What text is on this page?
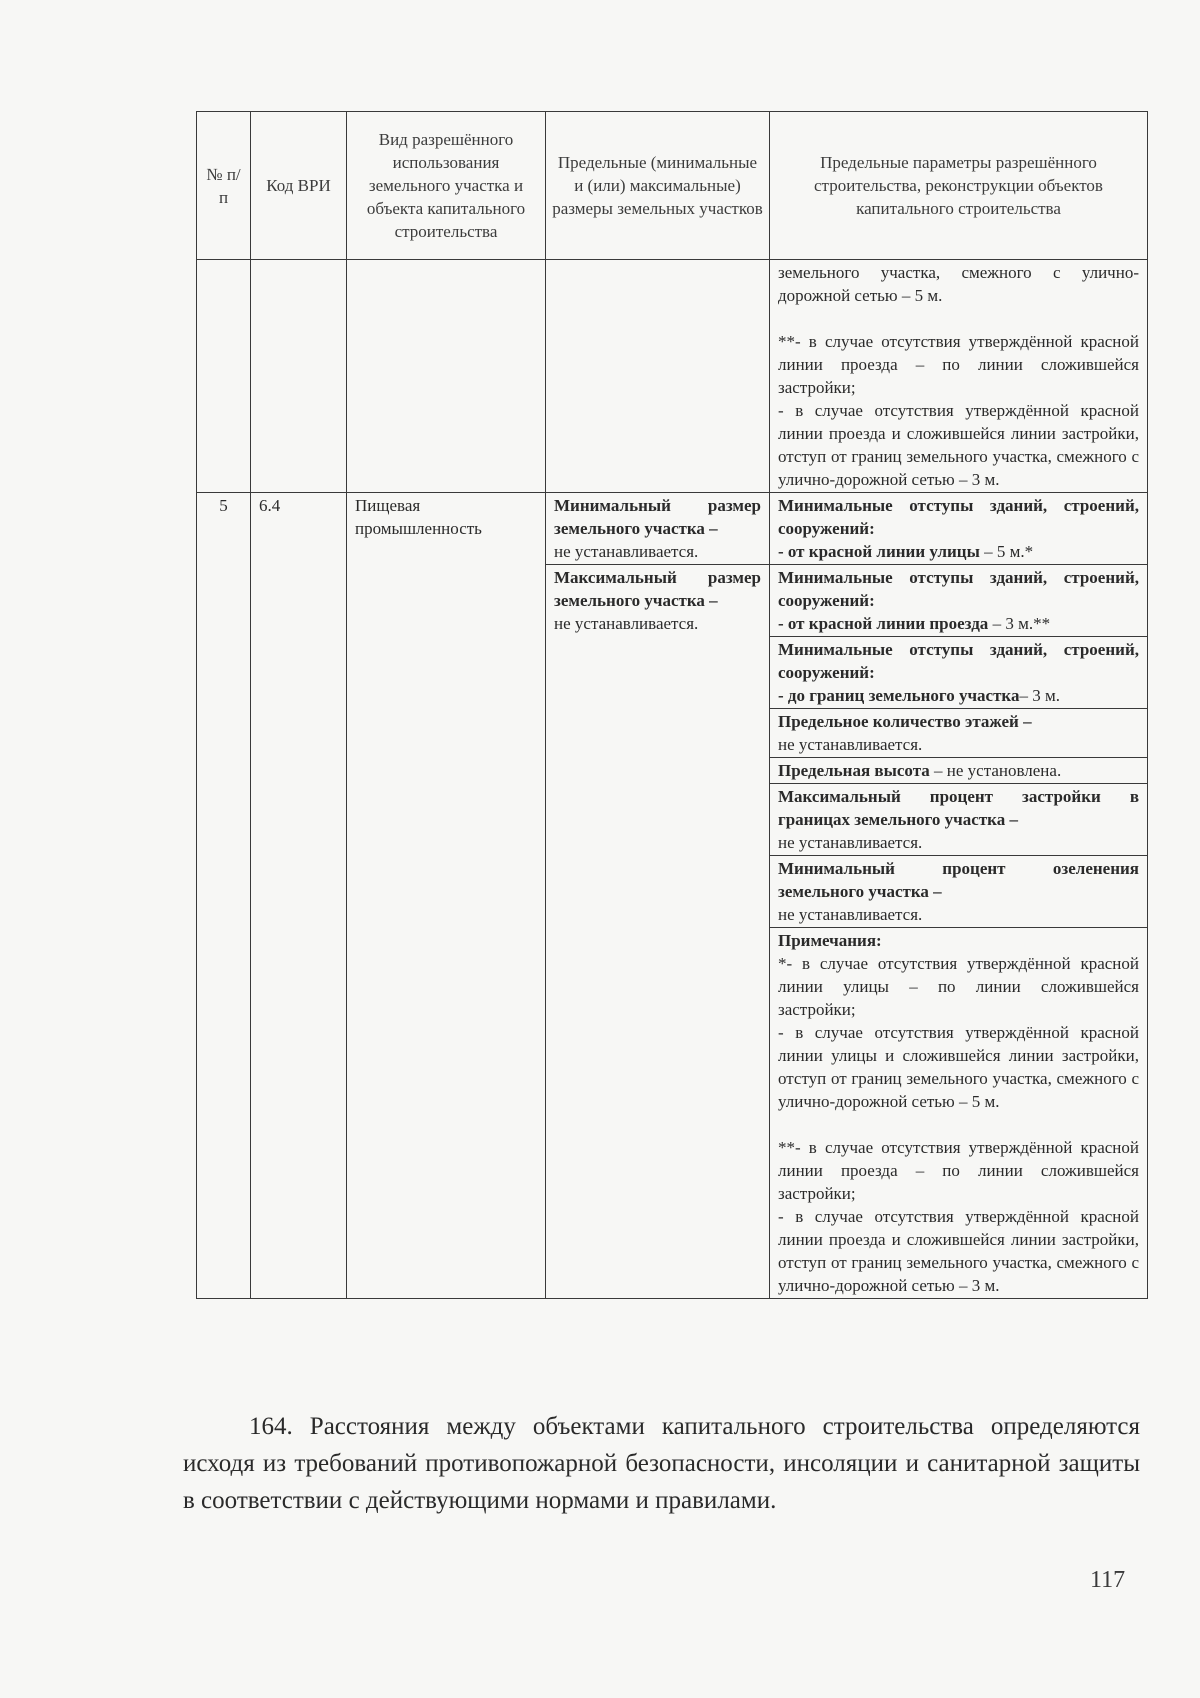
№ п/п	Код ВРИ	Вид разрешённого использования земельного участка и объекта капитального строительства	Предельные (минимальные и (или) максимальные) размеры земельных участков	Предельные параметры разрешённого строительства, реконструкции объектов капитального строительства

				земельного участка, смежного с улично-дорожной сетью – 5 м.
**- в случае отсутствия утверждённой красной линии проезда – по линии сложившейся застройки;
- в случае отсутствия утверждённой красной линии проезда и сложившейся линии застройки, отступ от границ земельного участка, смежного с улично-дорожной сетью – 3 м.

5	6.4	Пищевая промышленность	Минимальный размер земельного участка –
не устанавливается.	Минимальные отступы зданий, строений, сооружений:
- от красной линии улицы – 5 м.*
			Максимальный размер земельного участка –
не устанавливается.	Минимальные отступы зданий, строений, сооружений:
- от красной линии проезда – 3 м.**
				Минимальные отступы зданий, строений, сооружений:
- до границ земельного участка– 3 м.
				Предельное количество этажей –
не устанавливается.
				Предельная высота – не установлена.
				Максимальный процент застройки в границах земельного участка –
не устанавливается.
				Минимальный процент озеленения земельного участка –
не устанавливается.

				Примечания:
*- в случае отсутствия утверждённой красной линии улицы – по линии сложившейся застройки;
- в случае отсутствия утверждённой красной линии улицы и сложившейся линии застройки, отступ от границ земельного участка, смежного с улично-дорожной сетью – 5 м.
**- в случае отсутствия утверждённой красной линии проезда – по линии сложившейся застройки;
- в случае отсутствия утверждённой красной линии проезда и сложившейся линии застройки, отступ от границ земельного участка, смежного с улично-дорожной сетью – 3 м.
164. Расстояния между объектами капитального строительства определяются исходя из требований противопожарной безопасности, инсоляции и санитарной защиты в соответствии с действующими нормами и правилами.
117
